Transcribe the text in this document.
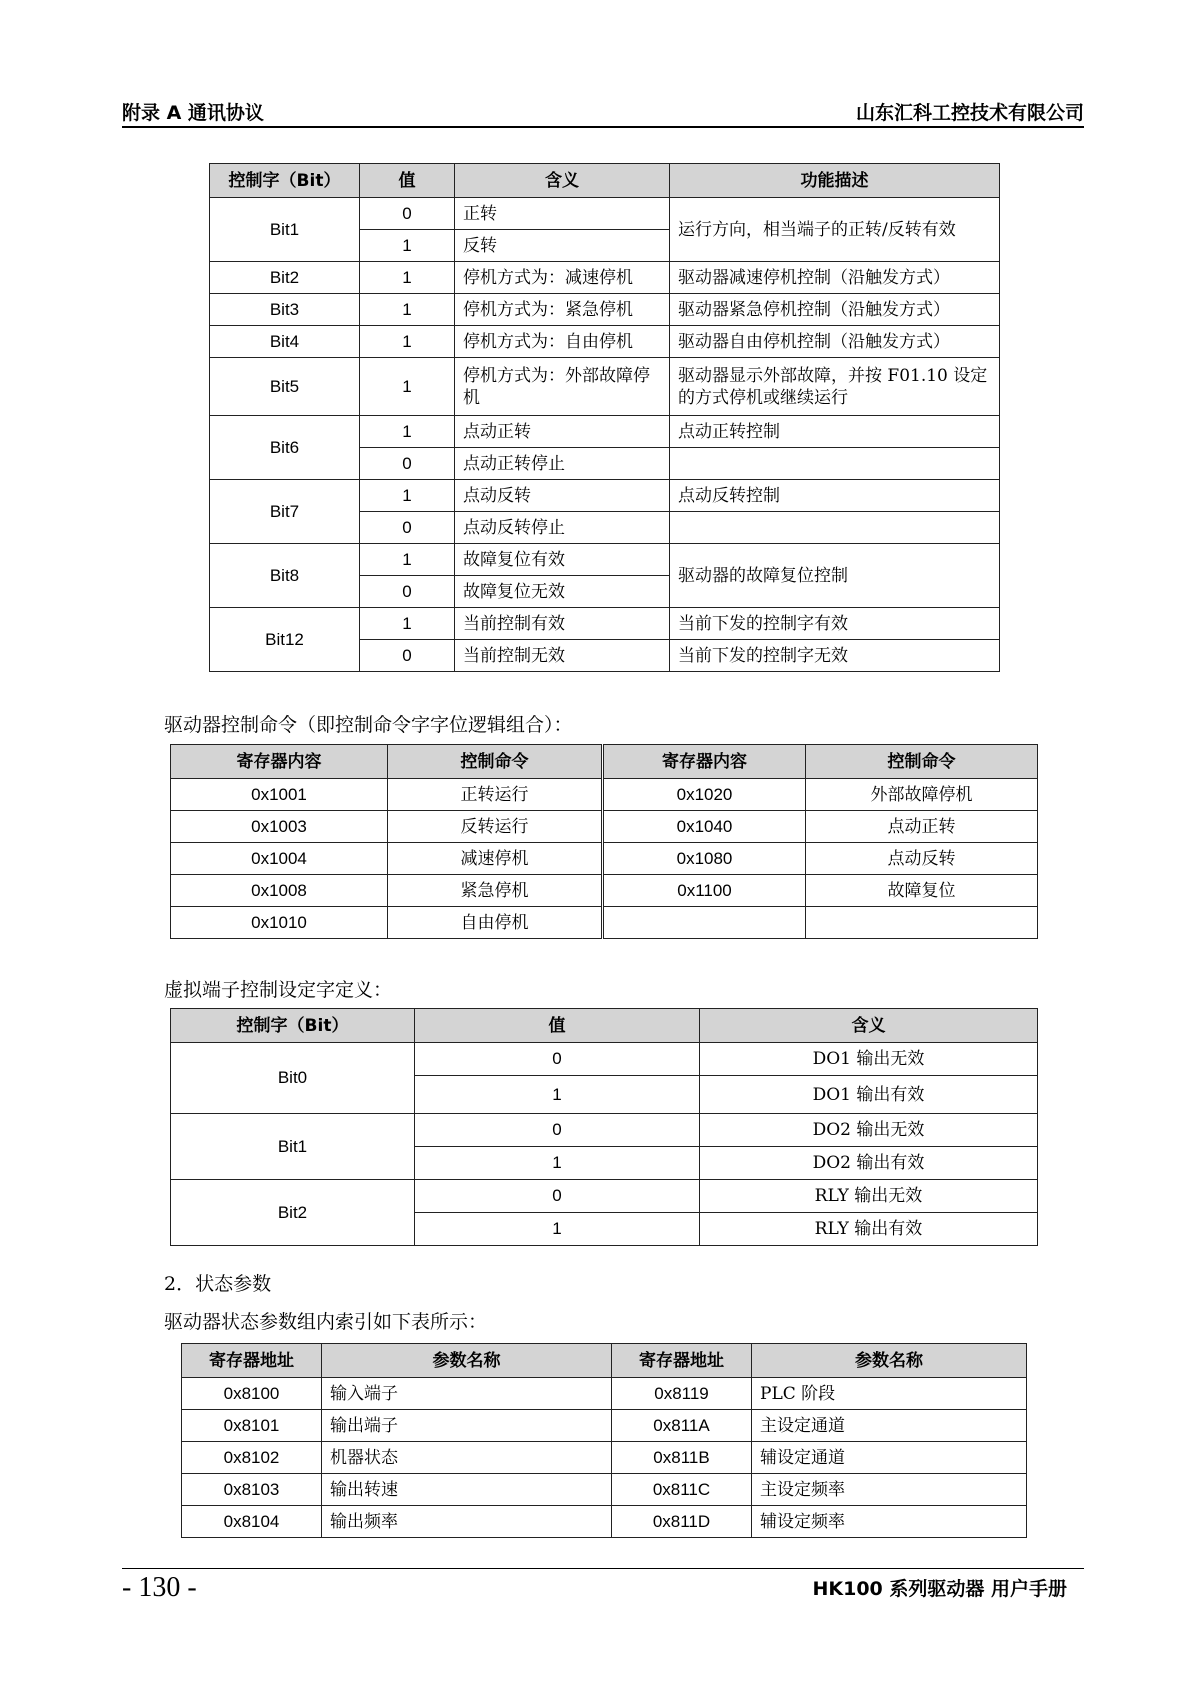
附录 A 通讯协议	山东汇科工控技术有限公司
控制字（Bit）	值	含义	功能描述
Bit1	0	正转	运行方向，相当端子的正转/反转有效
	1	反转	
Bit2	1	停机方式为：减速停机	驱动器减速停机控制（沿触发方式）
Bit3	1	停机方式为：紧急停机	驱动器紧急停机控制（沿触发方式）
Bit4	1	停机方式为：自由停机	驱动器自由停机控制（沿触发方式）
Bit5	1	停机方式为：外部故障停机	驱动器显示外部故障，并按 F01.10 设定的方式停机或继续运行
Bit6	1	点动正转	点动正转控制
	0	点动正转停止	
Bit7	1	点动反转	点动反转控制
	0	点动反转停止	
Bit8	1	故障复位有效	驱动器的故障复位控制
	0	故障复位无效	
Bit12	1	当前控制有效	当前下发的控制字有效
	0	当前控制无效	当前下发的控制字无效
驱动器控制命令（即控制命令字字位逻辑组合）：
寄存器内容	控制命令	寄存器内容	控制命令
0x1001	正转运行	0x1020	外部故障停机
0x1003	反转运行	0x1040	点动正转
0x1004	减速停机	0x1080	点动反转
0x1008	紧急停机	0x1100	故障复位
0x1010	自由停机		
虚拟端子控制设定字定义：
控制字（Bit）	值	含义
Bit0	0	DO1 输出无效
	1	DO1 输出有效
Bit1	0	DO2 输出无效
	1	DO2 输出有效
Bit2	0	RLY 输出无效
	1	RLY 输出有效
2．状态参数
驱动器状态参数组内索引如下表所示：
寄存器地址	参数名称	寄存器地址	参数名称
0x8100	输入端子	0x8119	PLC 阶段
0x8101	输出端子	0x811A	主设定通道
0x8102	机器状态	0x811B	辅设定通道
0x8103	输出转速	0x811C	主设定频率
0x8104	输出频率	0x811D	辅设定频率
- 130 -	HK100 系列驱动器 用户手册
